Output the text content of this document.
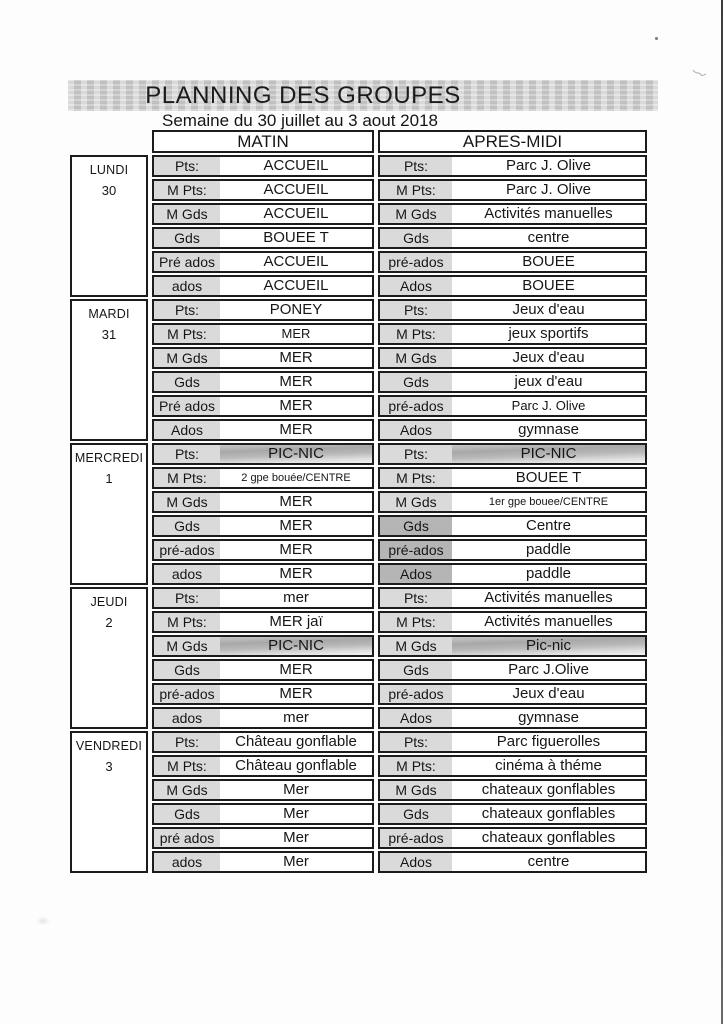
PLANNING DES GROUPES
Semaine du 30 juillet au 3 aout 2018
MATIN	APRES-MIDI
LUNDI
30
Pts:	ACCUEIL	Pts:	Parc J. Olive
M Pts:	ACCUEIL	M Pts:	Parc J. Olive
M Gds	ACCUEIL	M Gds	Activités manuelles
Gds	BOUEE T	Gds	centre
Pré ados	ACCUEIL	pré-ados	BOUEE
ados	ACCUEIL	Ados	BOUEE
MARDI
31
Pts:	PONEY	Pts:	Jeux d'eau
M Pts:	MER	M Pts:	jeux sportifs
M Gds	MER	M Gds	Jeux d'eau
Gds	MER	Gds	jeux d'eau
Pré ados	MER	pré-ados	Parc J. Olive
Ados	MER	Ados	gymnase
MERCREDI
1
Pts:	PIC-NIC	Pts:	PIC-NIC
M Pts:	2 gpe bouée/CENTRE	M Pts:	BOUEE T
M Gds	MER	M Gds	1er gpe bouee/CENTRE
Gds	MER	Gds	Centre
pré-ados	MER	pré-ados	paddle
ados	MER	Ados	paddle
JEUDI
2
Pts:	mer	Pts:	Activités manuelles
M Pts:	MER jaï	M Pts:	Activités manuelles
M Gds	PIC-NIC	M Gds	Pic-nic
Gds	MER	Gds	Parc J.Olive
pré-ados	MER	pré-ados	Jeux d'eau
ados	mer	Ados	gymnase
VENDREDI
3
Pts:	Château gonflable	Pts:	Parc figuerolles
M Pts:	Château gonflable	M Pts:	cinéma à théme
M Gds	Mer	M Gds	chateaux gonflables
Gds	Mer	Gds	chateaux gonflables
pré ados	Mer	pré-ados	chateaux gonflables
ados	Mer	Ados	centre
